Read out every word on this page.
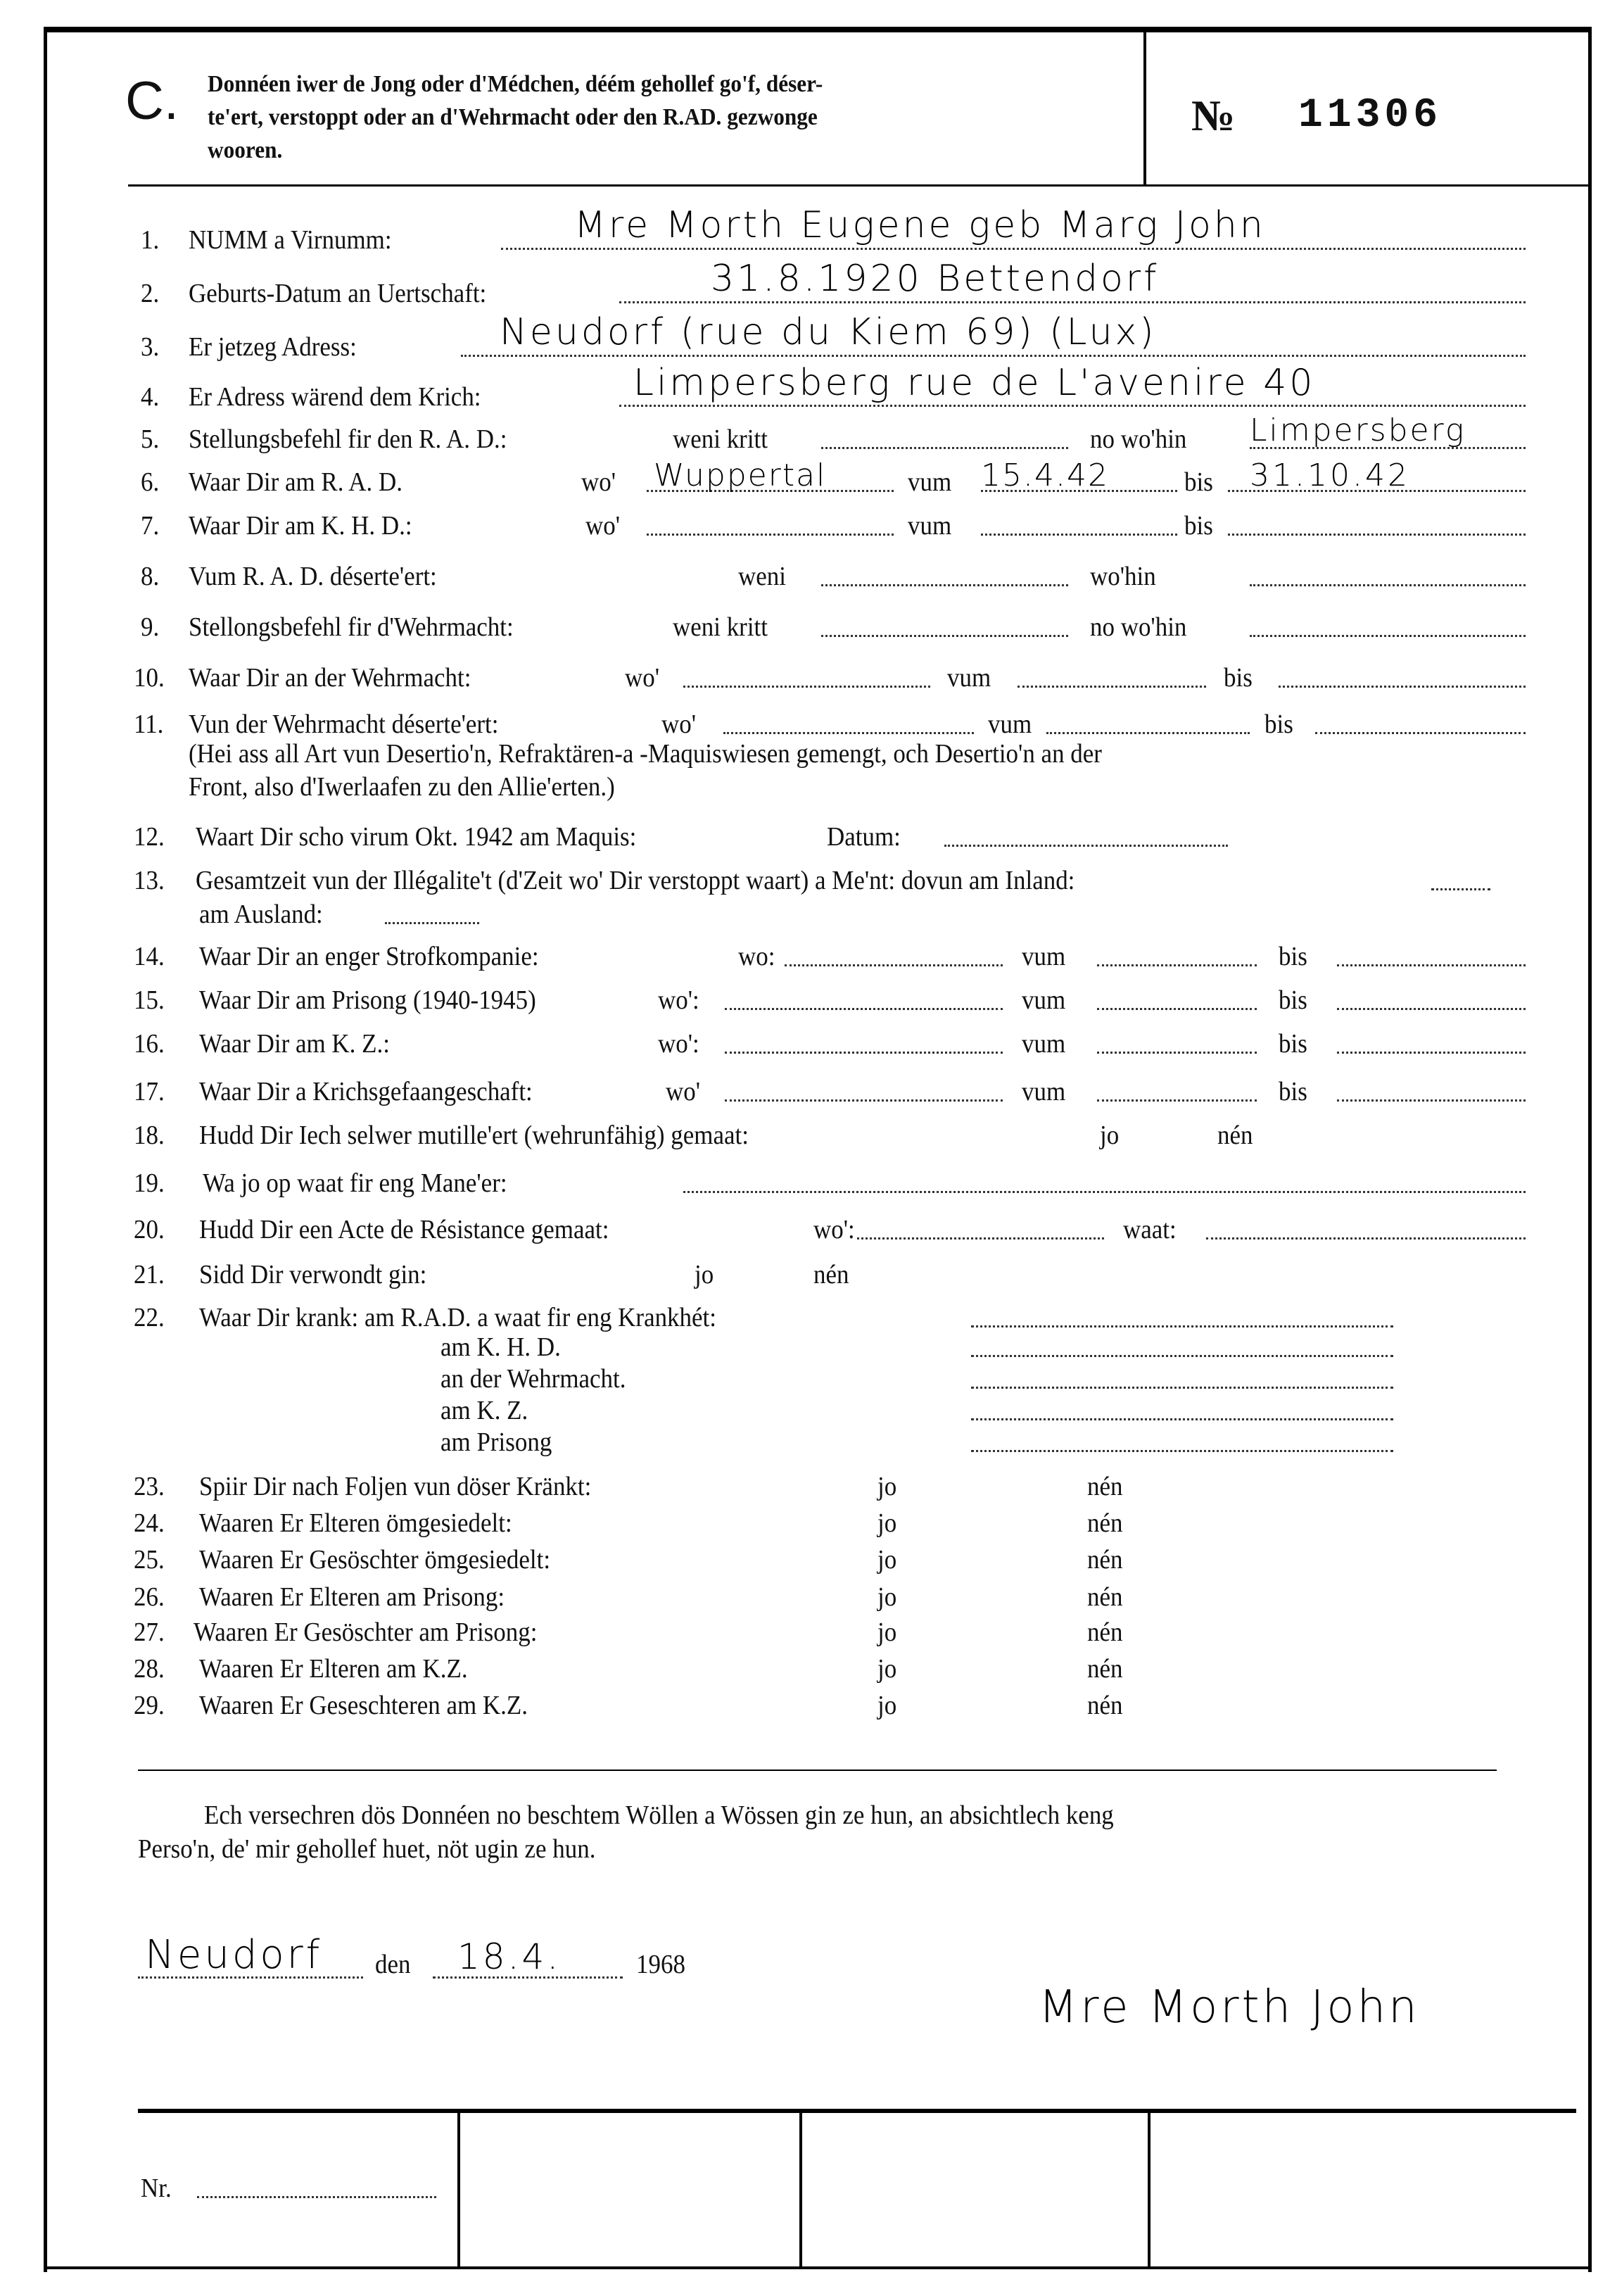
C. Donnéen iwer de Jong oder d'Médchen, déém gehollef go'f, déser-
te'ert, verstoppt oder an d'Wehrmacht oder den R.AD. gezwonge
wooren.
№ 11306
1. NUMM a Virnumm:	Mre Morth Eugene geb Marg John
2. Geburts-Datum an Uertschaft:	31.8.1920 Bettendorf
3. Er jetzeg Adress:	Neudorf (rue du Kiem 69) (Lux)
4. Er Adress wärend dem Krich:	Limpersberg rue de L'avenire 40
5. Stellungsbefehl fir den R. A. D.:	weni kritt	no wo'hin Limpersberg
6. Waar Dir am R. A. D.	wo' Wuppertal	vum 15.4.42	bis 31.10.42
7. Waar Dir am K. H. D.:	wo'	vum	bis
8. Vum R. A. D. déserte'ert:	weni	wo'hin
9. Stellongsbefehl fir d'Wehrmacht:	weni kritt	no wo'hin
10. Waar Dir an der Wehrmacht:	wo'	vum	bis
11. Vun der Wehrmacht déserte'ert:	wo'	vum	bis
(Hei ass all Art vun Desertio'n, Refraktären-a -Maquiswiesen gemengt, och Desertio'n an der
Front, also d'Iwerlaafen zu den Allie'erten.)
12. Waart Dir scho virum Okt. 1942 am Maquis:	Datum:
13. Gesamtzeit vun der Illégalite't (d'Zeit wo' Dir verstoppt waart) a Me'nt: dovun am Inland:
am Ausland:
14. Waar Dir an enger Strofkompanie:	wo:	vum	bis
15. Waar Dir am Prisong (1940-1945)	wo':	vum	bis
16. Waar Dir am K. Z.:	wo':	vum	bis
17. Waar Dir a Krichsgefaangeschaft:	wo'	vum	bis
18. Hudd Dir Iech selwer mutille'ert (wehrunfähig) gemaat:	jo	nén
19. Wa jo op waat fir eng Mane'er:
20. Hudd Dir een Acte de Résistance gemaat:	wo':	waat:
21. Sidd Dir verwondt gin:	jo	nén
22. Waar Dir krank: am R.A.D. a waat fir eng Krankhét:
am K. H. D.
an der Wehrmacht.
am K. Z.
am Prisong
23. Spiir Dir nach Foljen vun döser Kränkt:	jo	nén
24. Waaren Er Elteren ömgesiedelt:	jo	nén
25. Waaren Er Gesöschter ömgesiedelt:	jo	nén
26. Waaren Er Elteren am Prisong:	jo	nén
27. Waaren Er Gesöschter am Prisong:	jo	nén
28. Waaren Er Elteren am K.Z.	jo	nén
29. Waaren Er Geseschteren am K.Z.	jo	nén
Ech versechren dös Donnéen no beschtem Wöllen a Wössen gin ze hun, an absichtlech keng
Perso'n, de' mir gehollef huet, nöt ugin ze hun.
Neudorf den 18.4.	1968
Mre Morth John
Nr.
